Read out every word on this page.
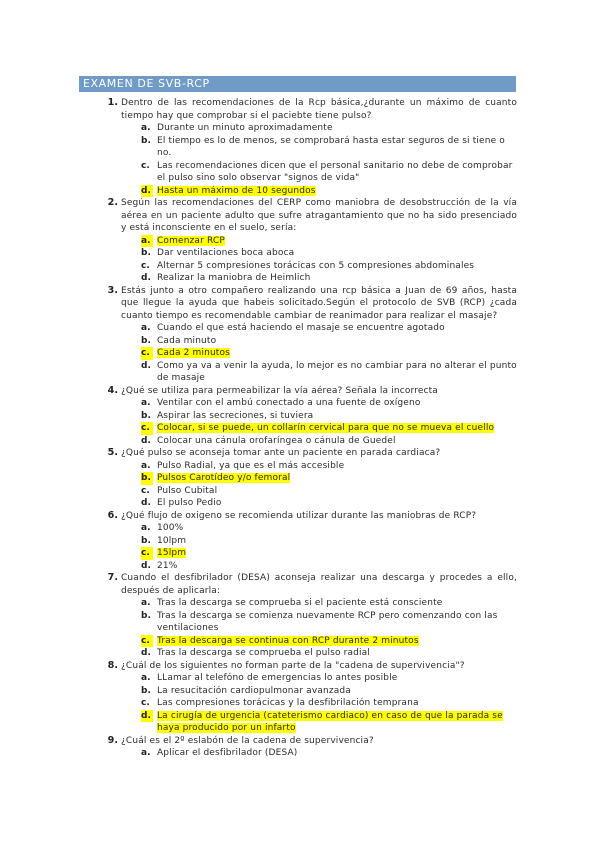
EXAMEN DE SVB-RCP
1. Dentro de las recomendaciones de la Rcp básica,¿durante un máximo de cuanto tiempo hay que comprobar si el paciebte tiene pulso?
a. Durante un minuto aproximadamente
b. El tiempo es lo de menos, se comprobará hasta estar seguros de si tiene o no.
c. Las recomendaciones dicen que el personal sanitario no debe de comprobar el pulso sino solo observar "signos de vida"
d. Hasta un máximo de 10 segundos
2. Según las recomendaciones del CERP como maniobra de desobstrucción de la vía aérea en un paciente adulto que sufre atragantamiento que no ha sido presenciado y está inconsciente en el suelo, sería:
a. Comenzar RCP
b. Dar ventilaciones boca aboca
c. Alternar 5 compresiones torácicas con 5 compresiones abdominales
d. Realizar la maniobra de Heimlich
3. Estás junto a otro compañero realizando una rcp básica a Juan de 69 años, hasta que llegue la ayuda que habeis solicitado.Según el protocolo de SVB (RCP) ¿cada cuanto tiempo es recomendable cambiar de reanimador para realizar el masaje?
a. Cuando el que está haciendo el masaje se encuentre agotado
b. Cada minuto
c. Cada 2 minutos
d. Como ya va a venir la ayuda, lo mejor es no cambiar para no alterar el punto de masaje
4. ¿Qué se utiliza para permeabilizar la vía aérea? Señala la incorrecta
a. Ventilar con el ambú conectado a una fuente de oxígeno
b. Aspirar las secreciones, si tuviera
c. Colocar, si se puede, un collarín cervical para que no se mueva el cuello
d. Colocar una cánula orofaríngea o cánula de Guedel
5. ¿Qué pulso se aconseja tomar ante un paciente en parada cardiaca?
a. Pulso Radial, ya que es el más accesible
b. Pulsos Carotídeo y/o femoral
c. Pulso Cubital
d. El pulso Pedio
6. ¿Qué flujo de oxigeno se recomienda utilizar durante las maniobras de RCP?
a. 100%
b. 10lpm
c. 15lpm
d. 21%
7. Cuando el desfibrilador (DESA) aconseja realizar una descarga y procedes a ello, después de aplicarla:
a. Tras la descarga se comprueba si el paciente está consciente
b. Tras la descarga se comienza nuevamente RCP pero comenzando con las ventilaciones
c. Tras la descarga se continua con RCP durante 2 minutos
d. Tras la descarga se comprueba el pulso radial
8. ¿Cuál de los siguientes no forman parte de la "cadena de supervivencia"?
a. LLamar al telefóno de emergencias lo antes posible
b. La resucitación cardiopulmonar avanzada
c. Las compresiones torácicas y la desfibrilación temprana
d. La cirugía de urgencia (cateterismo cardiaco) en caso de que la parada se haya producido por un infarto
9. ¿Cuál es el 2º eslabón de la cadena de supervivencia?
a. Aplicar el desfibrilador (DESA)
